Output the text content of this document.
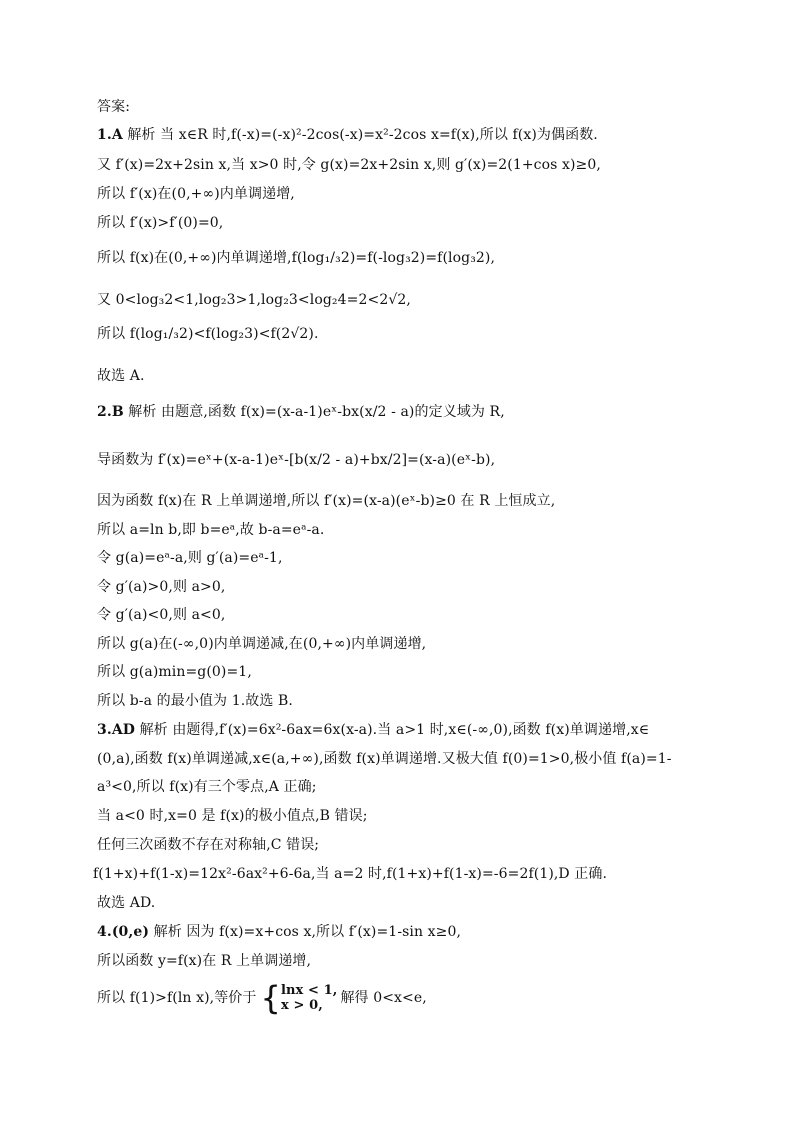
答案:
1.A 解析 当 x∈R 时,f(-x)=(-x)²-2cos(-x)=x²-2cos x=f(x),所以 f(x)为偶函数.
又 f′(x)=2x+2sin x,当 x>0 时,令 g(x)=2x+2sin x,则 g′(x)=2(1+cos x)≥0,
所以 f′(x)在(0,+∞)内单调递增,
所以 f′(x)>f′(0)=0,
所以 f(x)在(0,+∞)内单调递增,f(log₁/₃2)=f(-log₃2)=f(log₃2),
又 0<log₃2<1,log₂3>1,log₂3<log₂4=2<2√2,
所以 f(log₁/₃2)<f(log₂3)<f(2√2).
故选 A.
2.B 解析 由题意,函数 f(x)=(x-a-1)eˣ-bx(x/2 - a)的定义域为 R,
导函数为 f′(x)=eˣ+(x-a-1)eˣ-[b(x/2 - a)+bx/2]=(x-a)(eˣ-b),
因为函数 f(x)在 R 上单调递增,所以 f′(x)=(x-a)(eˣ-b)≥0 在 R 上恒成立,
所以 a=ln b,即 b=eᵃ,故 b-a=eᵃ-a.
令 g(a)=eᵃ-a,则 g′(a)=eᵃ-1,
令 g′(a)>0,则 a>0,
令 g′(a)<0,则 a<0,
所以 g(a)在(-∞,0)内单调递减,在(0,+∞)内单调递增,
所以 g(a)min=g(0)=1,
所以 b-a 的最小值为 1.故选 B.
3.AD 解析 由题得,f′(x)=6x²-6ax=6x(x-a).当 a>1 时,x∈(-∞,0),函数 f(x)单调递增,x∈
(0,a),函数 f(x)单调递减,x∈(a,+∞),函数 f(x)单调递增.又极大值 f(0)=1>0,极小值 f(a)=1-
a³<0,所以 f(x)有三个零点,A 正确;
当 a<0 时,x=0 是 f(x)的极小值点,B 错误;
任何三次函数不存在对称轴,C 错误;
f(1+x)+f(1-x)=12x²-6ax²+6-6a,当 a=2 时,f(1+x)+f(1-x)=-6=2f(1),D 正确.
故选 AD.
4.(0,e) 解析 因为 f(x)=x+cos x,所以 f′(x)=1-sin x≥0,
所以函数 y=f(x)在 R 上单调递增,
所以 f(1)>f(ln x),等价于 {lnx < 1,
x > 0, 解得 0<x<e,
